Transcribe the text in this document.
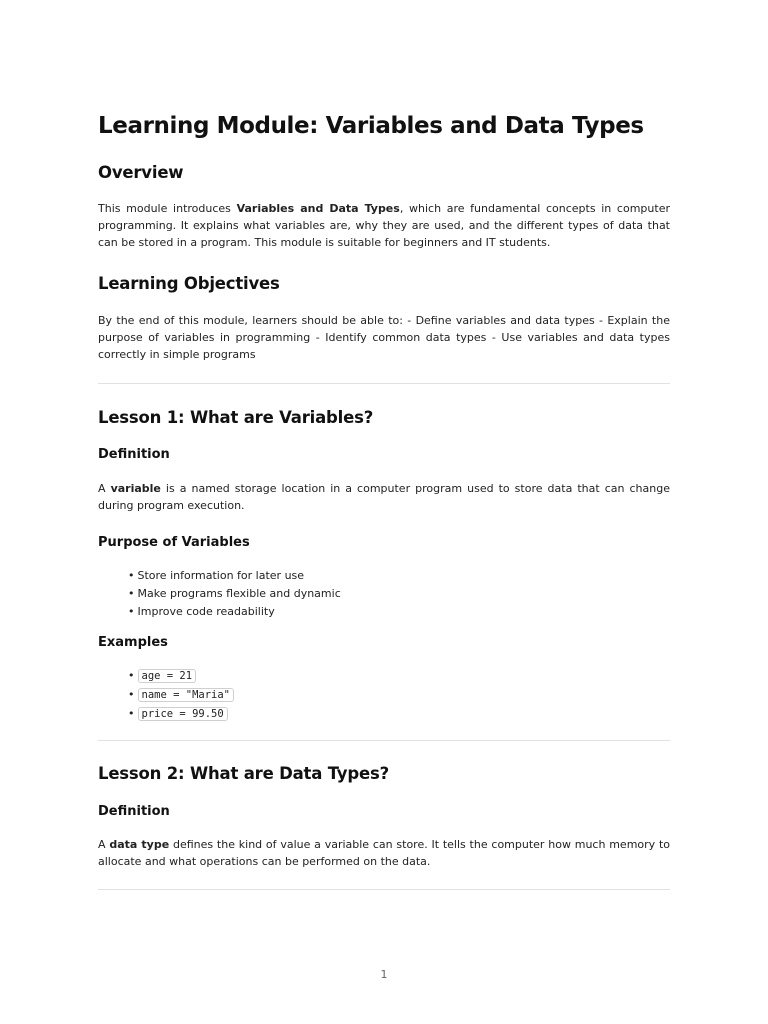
Learning Module: Variables and Data Types
Overview

This module introduces Variables and Data Types, which are fundamental concepts in computer programming. It explains what variables are, why they are used, and the different types of data that can be stored in a program. This module is suitable for beginners and IT students.

Learning Objectives

By the end of this module, learners should be able to: - Define variables and data types - Explain the purpose of variables in programming - Identify common data types - Use variables and data types correctly in simple programs

Lesson 1: What are Variables?
Definition

A variable is a named storage location in a computer program used to store data that can change during program execution.

Purpose of Variables
• Store information for later use
• Make programs flexible and dynamic
• Improve code readability
Examples
• age = 21
• name = "Maria"
• price = 99.50
Lesson 2: What are Data Types?
Definition

A data type defines the kind of value a variable can store. It tells the computer how much memory to allocate and what operations can be performed on the data.

1
